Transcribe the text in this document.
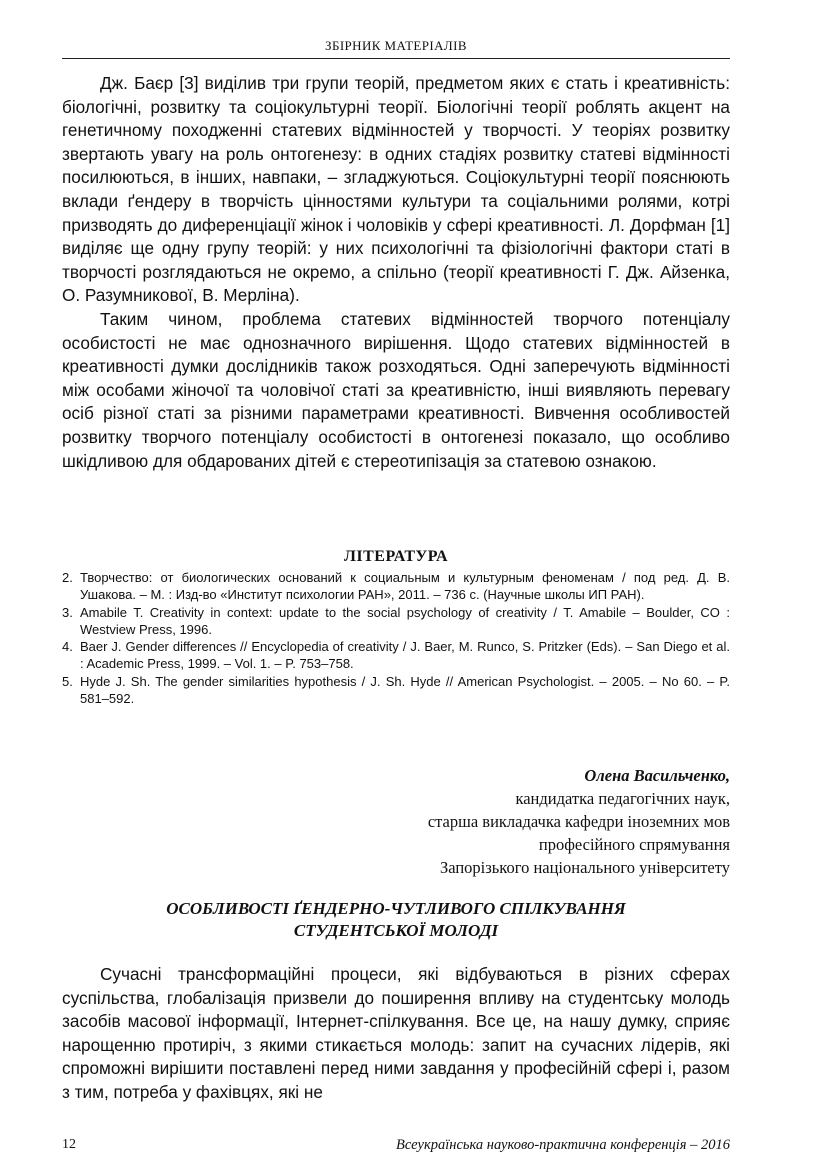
ЗБІРНИК МАТЕРІАЛІВ

Дж. Баєр [3] виділив три групи теорій, предметом яких є стать і креативність: біологічні, розвитку та соціокультурні теорії. Біологічні теорії роблять акцент на генетичному походженні статевих відмінностей у творчості. У теоріях розвитку звертають увагу на роль онтогенезу: в одних стадіях розвитку статеві відмінності посилюються, в інших, навпаки, – згладжуються. Соціокультурні теорії пояснюють вклади ґендеру в творчість цінностями культури та соціальними ролями, котрі призводять до диференціації жінок і чоловіків у сфері креативності. Л. Дорфман [1] виділяє ще одну групу теорій: у них психологічні та фізіологічні фактори статі в творчості розглядаються не окремо, а спільно (теорії креативності Г. Дж. Айзенка, О. Разумникової, В. Мерліна).

Таким чином, проблема статевих відмінностей творчого потенціалу особистості не має однозначного вирішення. Щодо статевих відмінностей в креативності думки дослідників також розходяться. Одні заперечують відмінності між особами жіночої та чоловічої статі за креативністю, інші виявляють перевагу осіб різної статі за різними параметрами креативності. Вивчення особливостей розвитку творчого потенціалу особистості в онтогенезі показало, що особливо шкідливою для обдарованих дітей є стереотипізація за статевою ознакою.

ЛІТЕРАТУРА
2. Творчество: от биологических оснований к социальным и культурным феноменам / под ред. Д. В. Ушакова. – М. : Изд-во «Институт психологии РАН», 2011. – 736 с. (Научные школы ИП РАН).
3. Amabile T. Creativity in context: update to the social psychology of creativity / T. Amabile – Boulder, CO : Westview Press, 1996.
4. Baer J. Gender differences // Encyclopedia of creativity / J. Baer, M. Runco, S. Pritzker (Eds). – San Diego et al. : Academic Press, 1999. – Vol. 1. – P. 753–758.
5. Hyde J. Sh. The gender similarities hypothesis / J. Sh. Hyde // American Psychologist. – 2005. – No 60. – P. 581–592.
Олена Васильченко,
кандидатка педагогічних наук,
старша викладачка кафедри іноземних мов
професійного спрямування
Запорізького національного університету
ОСОБЛИВОСТІ ҐЕНДЕРНО-ЧУТЛИВОГО СПІЛКУВАННЯ
СТУДЕНТСЬКОЇ МОЛОДІ

Сучасні трансформаційні процеси, які відбуваються в різних сферах суспільства, глобалізація призвели до поширення впливу на студентську молодь засобів масової інформації, Інтернет-спілкування. Все це, на нашу думку, сприяє нарощенню протиріч, з якими стикається молодь: запит на сучасних лідерів, які спроможні вирішити поставлені перед ними завдання у професійній сфері і, разом з тим, потреба у фахівцях, які не

12	Всеукраїнська науково-практична конференція – 2016
